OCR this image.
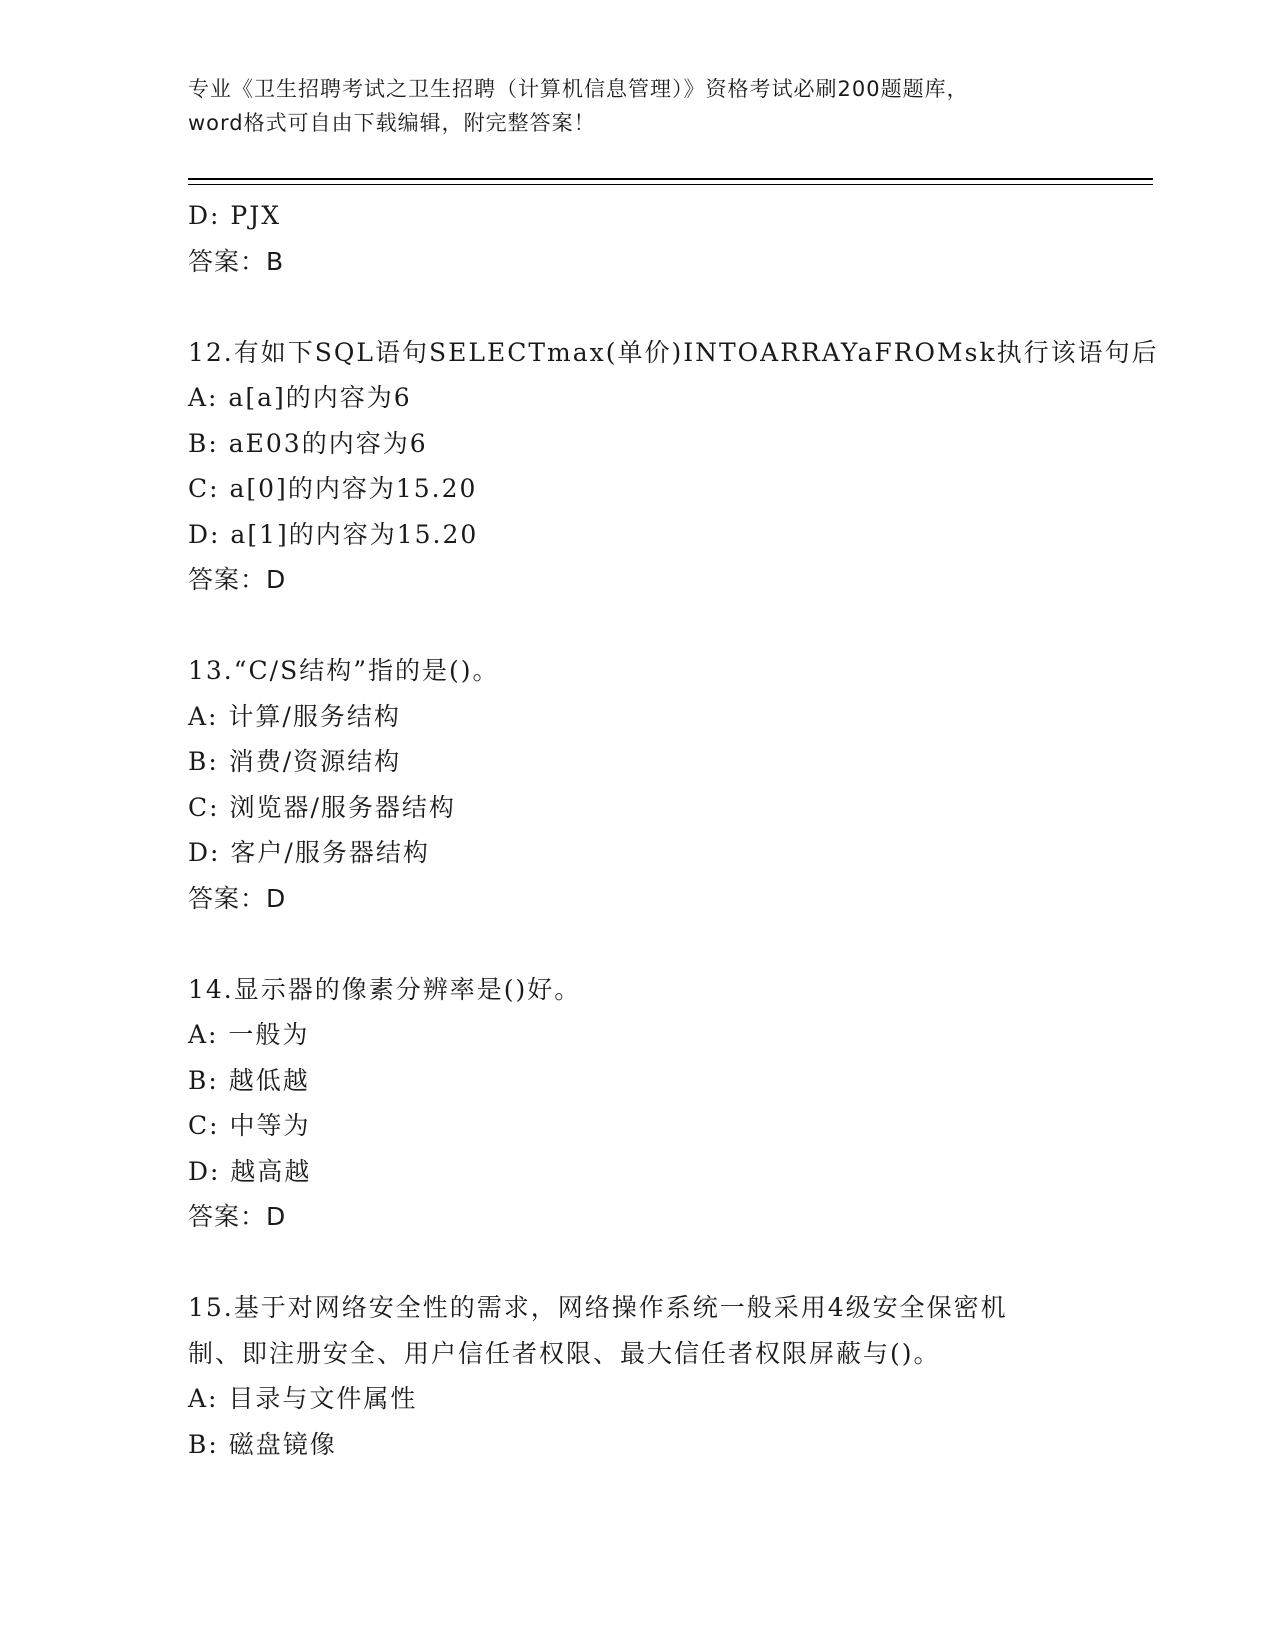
专业《卫生招聘考试之卫生招聘（计算机信息管理）》资格考试必刷200题题库，
word格式可自由下载编辑，附完整答案！
D: PJX
答案：B
12.有如下SQL语句SELECTmax(单价)INTOARRAYaFROMsk执行该语句后
A: a[a]的内容为6
B: aE03的内容为6
C: a[0]的内容为15.20
D: a[1]的内容为15.20
答案：D
13.“C/S结构”指的是()。
A: 计算/服务结构
B: 消费/资源结构
C: 浏览器/服务器结构
D: 客户/服务器结构
答案：D
14.显示器的像素分辨率是()好。
A: 一般为
B: 越低越
C: 中等为
D: 越高越
答案：D
15.基于对网络安全性的需求，网络操作系统一般采用4级安全保密机
制、即注册安全、用户信任者权限、最大信任者权限屏蔽与()。
A: 目录与文件属性
B: 磁盘镜像
